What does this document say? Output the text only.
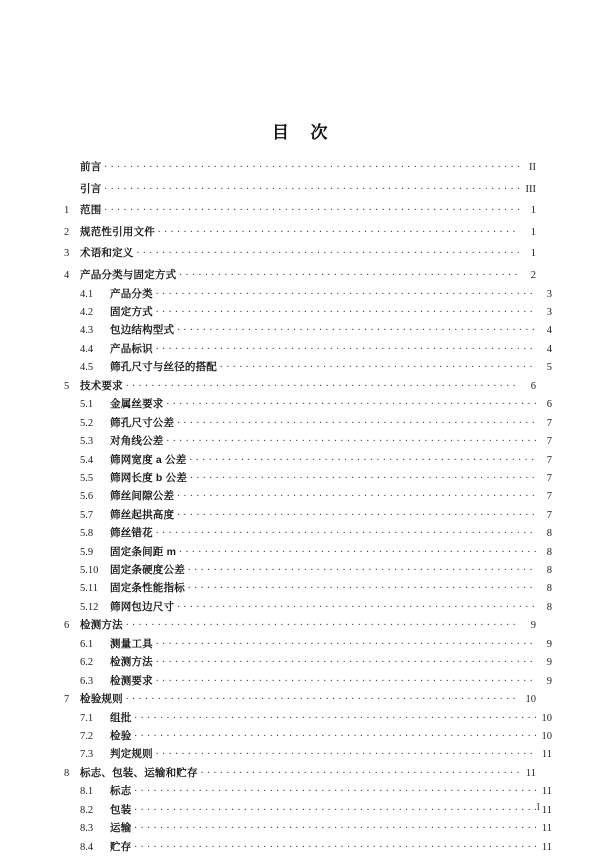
目    次
前言 . . .	II
引言 . . .	III
1	范围 . . .	1
2	规范性引用文件 . . .	1
3	术语和定义 . . .	1
4	产品分类与固定方式 . . .	2
4.1	产品分类 . . .	3
4.2	固定方式 . . .	3
4.3	包边结构型式 . . .	4
4.4	产品标识 . . .	4
4.5	筛孔尺寸与丝径的搭配 . . .	5
5	技术要求 . . .	6
5.1	金属丝要求 . . .	6
5.2	筛孔尺寸公差 . . .	7
5.3	对角线公差 . . .	7
5.4	筛网宽度 a 公差 . . .	7
5.5	筛网长度 b 公差 . . .	7
5.6	筛丝间隙公差 . . .	7
5.7	筛丝起拱高度 . . .	7
5.8	筛丝错花 . . .	8
5.9	固定条间距 m . . .	8
5.10	固定条硬度公差 . . .	8
5.11	固定条性能指标 . . .	8
5.12	筛网包边尺寸 . . .	8
6	检测方法 . . .	9
6.1	测量工具 . . .	9
6.2	检测方法 . . .	9
6.3	检测要求 . . .	9
7	检验规则 . . .	10
7.1	组批 . . .	10
7.2	检验 . . .	10
7.3	判定规则 . . .	11
8	标志、包装、运输和贮存 . . .	11
8.1	标志 . . .	11
8.2	包装 . . .	11
8.3	运输 . . .	11
8.4	贮存 . . .	11
I
